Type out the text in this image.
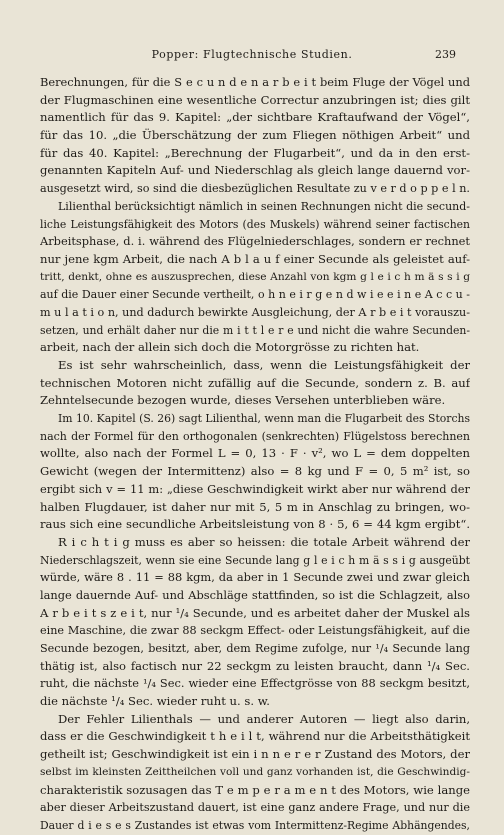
Popper: Flugtechnische Studien.	239
Berechnungen, für die S e c u n d e n a r b e i t beim Fluge der Vögel und
der Flugmaschinen eine wesentliche Correctur anzubringen ist; dies gilt
namentlich für das 9. Kapitel: „der sichtbare Kraftaufwand der Vögel“,
für das 10. „die Überschätzung der zum Fliegen nöthigen Arbeit“ und
für das 40. Kapitel: „Berechnung der Flugarbeit“, und da in den erst-
genannten Kapiteln Auf- und Niederschlag als gleich lange dauernd vor-
ausgesetzt wird, so sind die diesbezüglichen Resultate zu v e r d o p p e l n.
Lilienthal berücksichtigt nämlich in seinen Rechnungen nicht die secund-
liche Leistungsfähigkeit des Motors (des Muskels) während seiner factischen
Arbeitsphase, d. i. während des Flügelniederschlages, sondern er rechnet
nur jene kgm Arbeit, die nach A b l a u f einer Secunde als geleistet auf-
tritt, denkt, ohne es auszusprechen, diese Anzahl von kgm g l e i c h m ä s s i g
auf die Dauer einer Secunde vertheilt, o h n e i r g e n d w i e e i n e A c c u -
m u l a t i o n, und dadurch bewirkte Ausgleichung, der A r b e i t vorauszu-
setzen, und erhält daher nur die m i t t l e r e und nicht die wahre Secunden-
arbeit, nach der allein sich doch die Motorgrösse zu richten hat.
Es ist sehr wahrscheinlich, dass, wenn die Leistungsfähigkeit der
technischen Motoren nicht zufällig auf die Secunde, sondern z. B. auf
Zehntelsecunde bezogen wurde, dieses Versehen unterblieben wäre.
Im 10. Kapitel (S. 26) sagt Lilienthal, wenn man die Flugarbeit des Storchs
nach der Formel für den orthogonalen (senkrechten) Flügelstoss berechnen
wollte, also nach der Formel L = 0, 13 · F · v², wo L = dem doppelten
Gewicht (wegen der Intermittenz) also = 8 kg und F = 0, 5 m² ist, so
ergibt sich v = 11 m: „diese Geschwindigkeit wirkt aber nur während der
halben Flugdauer, ist daher nur mit 5, 5 m in Anschlag zu bringen, wo-
raus sich eine secundliche Arbeitsleistung von 8 · 5, 6 = 44 kgm ergibt“.
R i c h t i g muss es aber so heissen: die totale Arbeit während der
Niederschlagszeit, wenn sie eine Secunde lang g l e i c h m ä s s i g ausgeübt
würde, wäre 8 . 11 = 88 kgm, da aber in 1 Secunde zwei und zwar gleich
lange dauernde Auf- und Abschläge stattfinden, so ist die Schlagzeit, also
A r b e i t s z e i t, nur ¹/₄ Secunde, und es arbeitet daher der Muskel als
eine Maschine, die zwar 88 seckgm Effect- oder Leistungsfähigkeit, auf die
Secunde bezogen, besitzt, aber, dem Regime zufolge, nur ¹/₄ Secunde lang
thätig ist, also factisch nur 22 seckgm zu leisten braucht, dann ¹/₄ Sec.
ruht, die nächste ¹/₄ Sec. wieder eine Effectgrösse von 88 seckgm besitzt,
die nächste ¹/₄ Sec. wieder ruht u. s. w.
Der Fehler Lilienthals — und anderer Autoren — liegt also darin,
dass er die Geschwindigkeit t h e i l t, während nur die Arbeitsthätigkeit
getheilt ist; Geschwindigkeit ist ein i n n e r e r Zustand des Motors, der
selbst im kleinsten Zeittheilchen voll und ganz vorhanden ist, die Geschwindig-
charakteristik sozusagen das T e m p e r a m e n t des Motors, wie lange
aber dieser Arbeitszustand dauert, ist eine ganz andere Frage, und nur die
Dauer d i e s e s Zustandes ist etwas vom Intermittenz-Regime Abhängendes,
